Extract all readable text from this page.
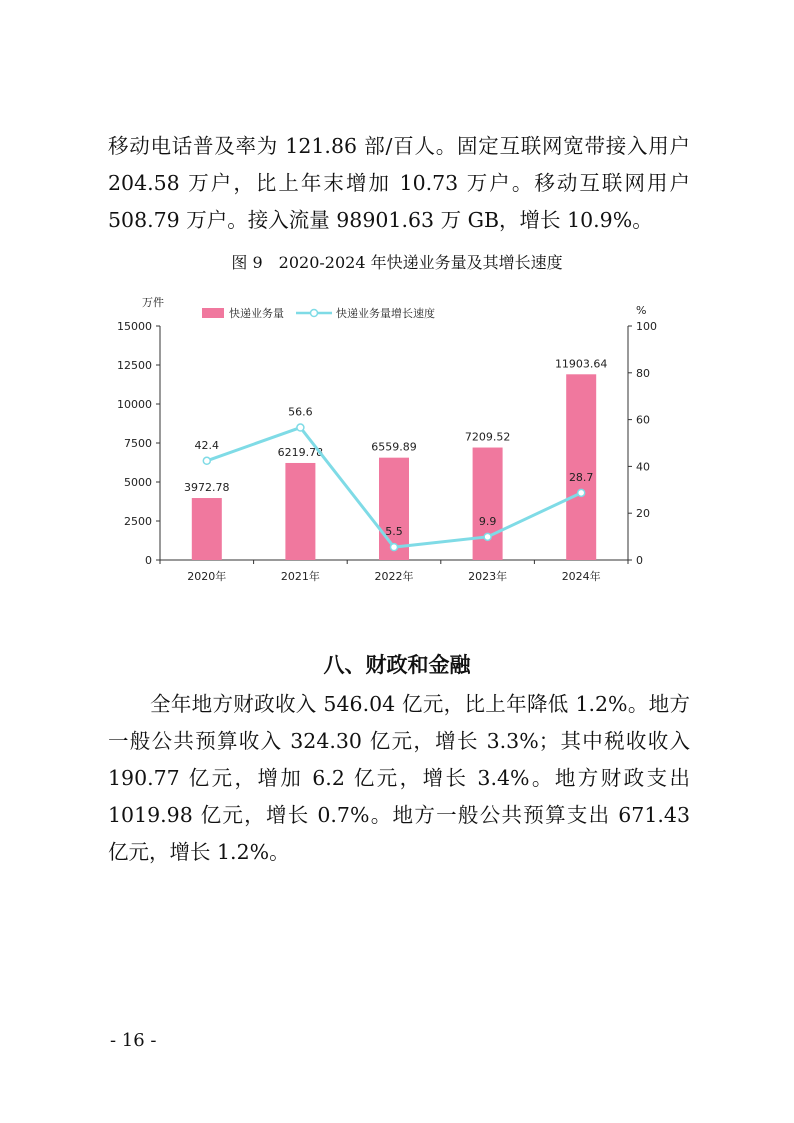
移动电话普及率为 121.86 部/百人。固定互联网宽带接入用户 204.58 万户，比上年末增加 10.73 万户。移动互联网用户 508.79 万户。接入流量 98901.63 万 GB，增长 10.9%。

图 9 2020-2024 年快递业务量及其增长速度
0
2500
5000
7500
10000
12500
15000
0
20
40
60
80
100
万件
%
2020年	2021年	2022年	2023年	2024年
3972.78
6219.78	6559.89
7209.52
11903.64
42.4
56.6
5.5
9.9
28.7
快递业务量	快递业务量增长速度
八、财政和金融

全年地方财政收入 546.04 亿元，比上年降低 1.2%。地方一般公共预算收入 324.30 亿元，增长 3.3%；其中税收收入 190.77 亿元，增加 6.2 亿元，增长 3.4%。地方财政支出 1019.98 亿元，增长 0.7%。地方一般公共预算支出 671.43 亿元，增长 1.2%。

- 16 -
